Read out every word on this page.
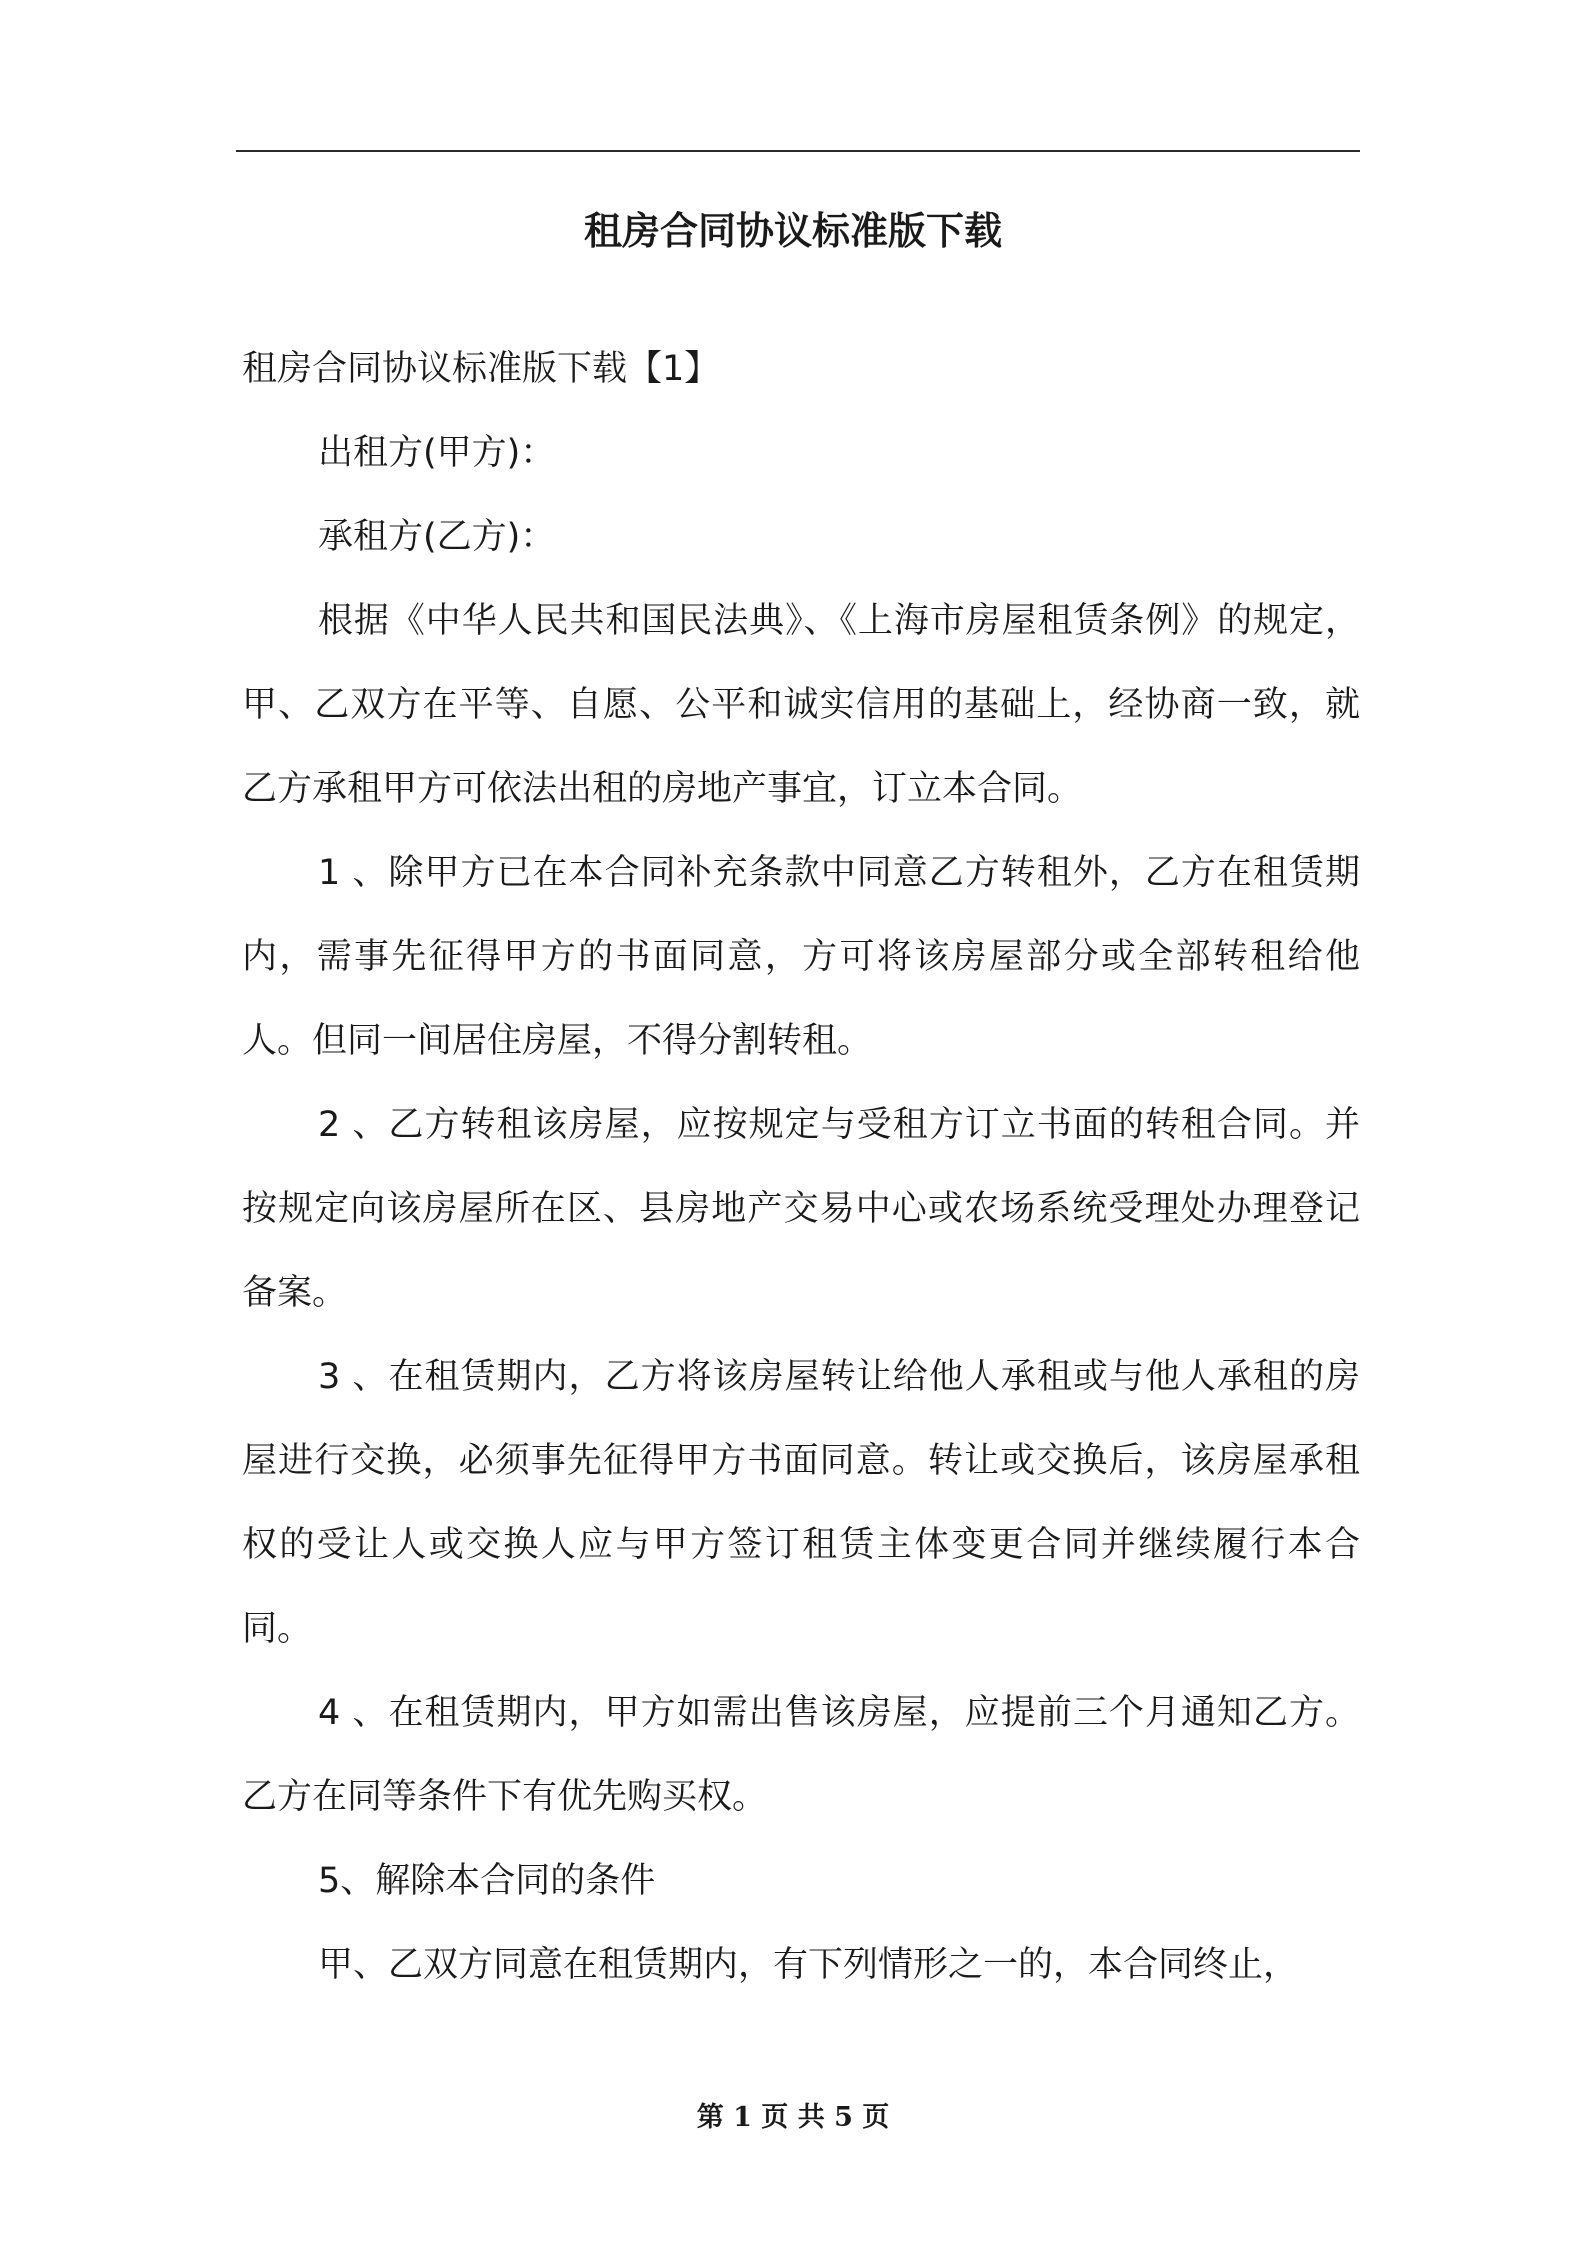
租房合同协议标准版下载

租房合同协议标准版下载【1】

出租方(甲方)：

承租方(乙方)：

根据《中华人民共和国民法典》、《上海市房屋租赁条例》的规定，甲、乙双方在平等、自愿、公平和诚实信用的基础上，经协商一致，就乙方承租甲方可依法出租的房地产事宜，订立本合同。

1 、除甲方已在本合同补充条款中同意乙方转租外，乙方在租赁期内，需事先征得甲方的书面同意，方可将该房屋部分或全部转租给他人。但同一间居住房屋，不得分割转租。

2 、乙方转租该房屋，应按规定与受租方订立书面的转租合同。并按规定向该房屋所在区、县房地产交易中心或农场系统受理处办理登记备案。

3 、在租赁期内，乙方将该房屋转让给他人承租或与他人承租的房屋进行交换，必须事先征得甲方书面同意。转让或交换后，该房屋承租权的受让人或交换人应与甲方签订租赁主体变更合同并继续履行本合同。

4 、在租赁期内，甲方如需出售该房屋，应提前三个月通知乙方。乙方在同等条件下有优先购买权。

5、解除本合同的条件

甲、乙双方同意在租赁期内，有下列情形之一的，本合同终止，

第 1 页 共 5 页
